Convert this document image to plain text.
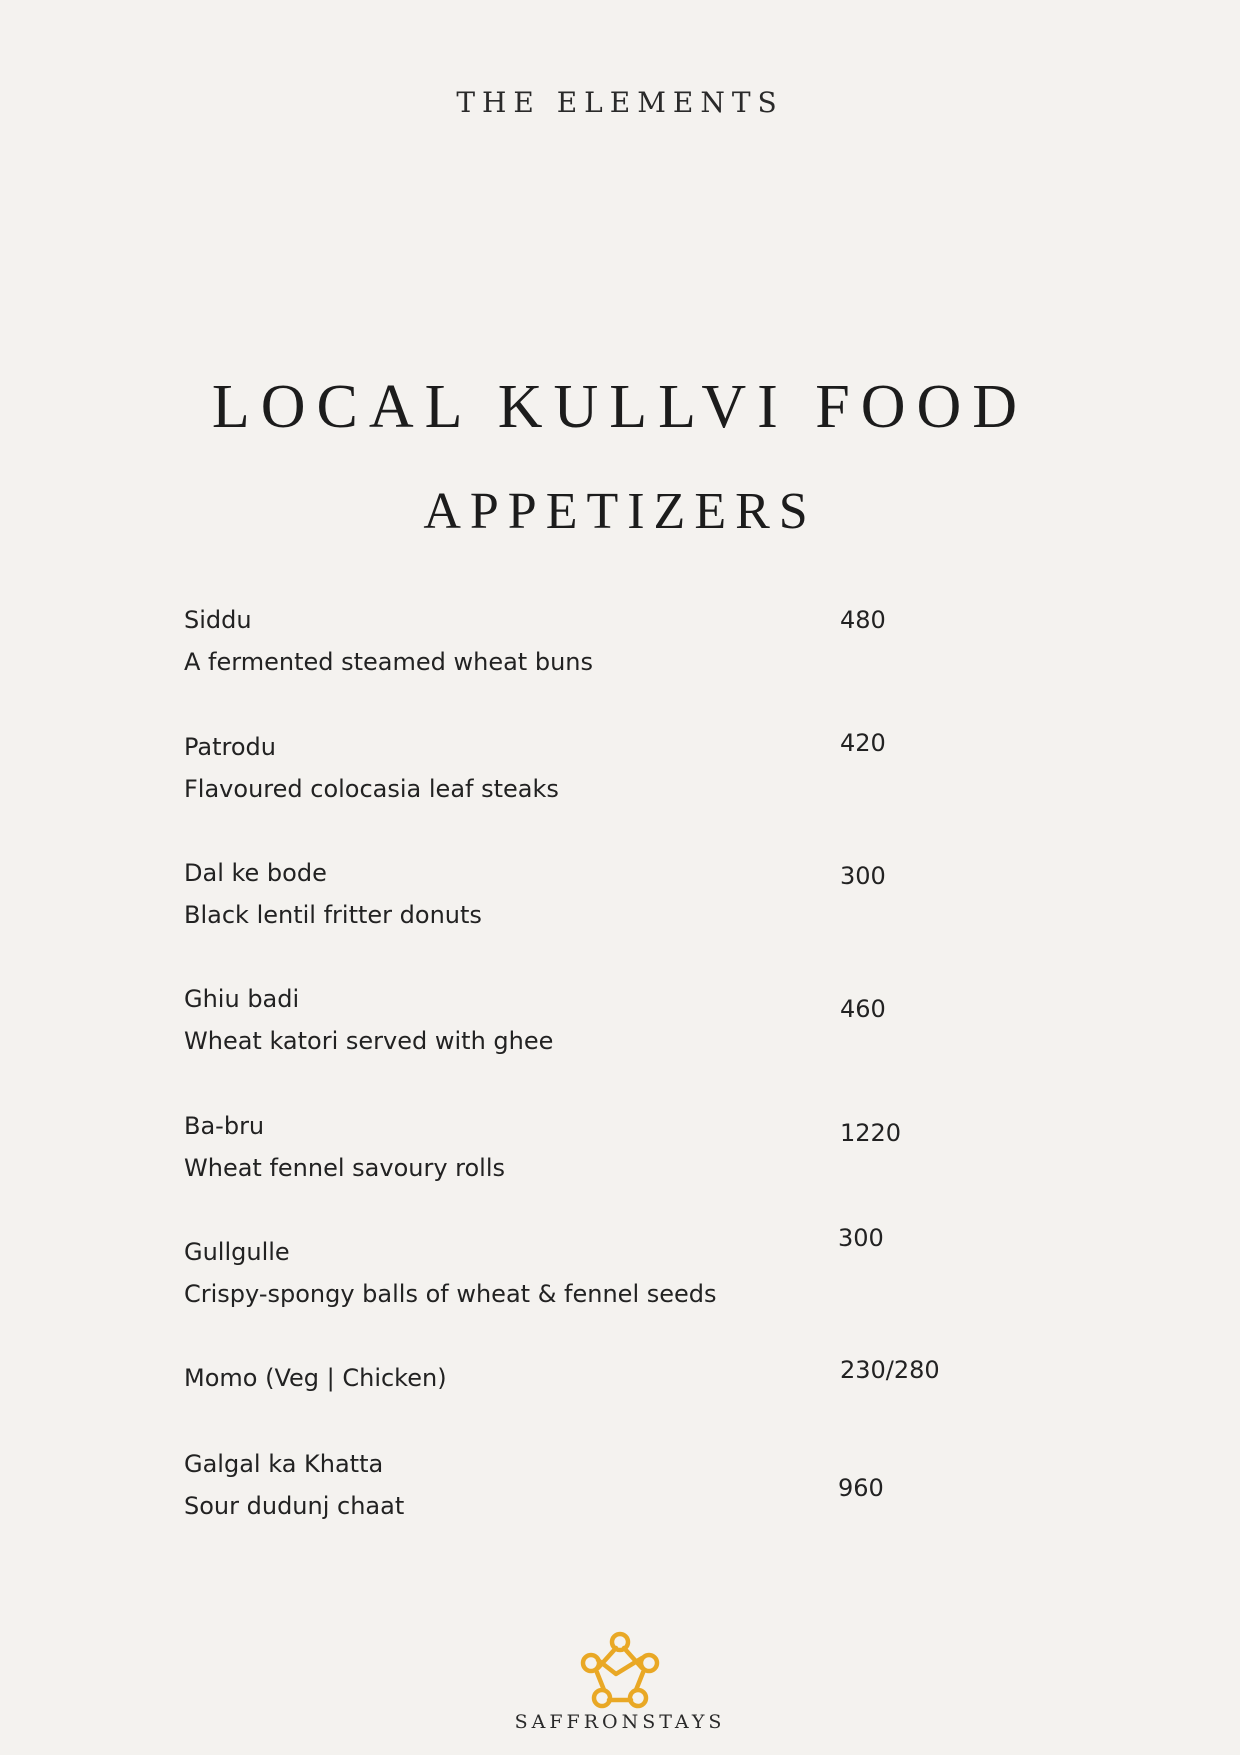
THE ELEMENTS
LOCAL KULLVI FOOD
APPETIZERS
Siddu
A fermented steamed wheat buns
480
Patrodu
Flavoured colocasia leaf steaks
420
Dal ke bode
Black lentil fritter donuts
300
Ghiu badi
Wheat katori served with ghee
460
Ba-bru
Wheat fennel savoury rolls
1220
Gullgulle
Crispy-spongy balls of wheat & fennel seeds
300
Momo (Veg | Chicken)	230/280
Galgal ka Khatta
Sour dudunj chaat
960
SAFFRONSTAYS
